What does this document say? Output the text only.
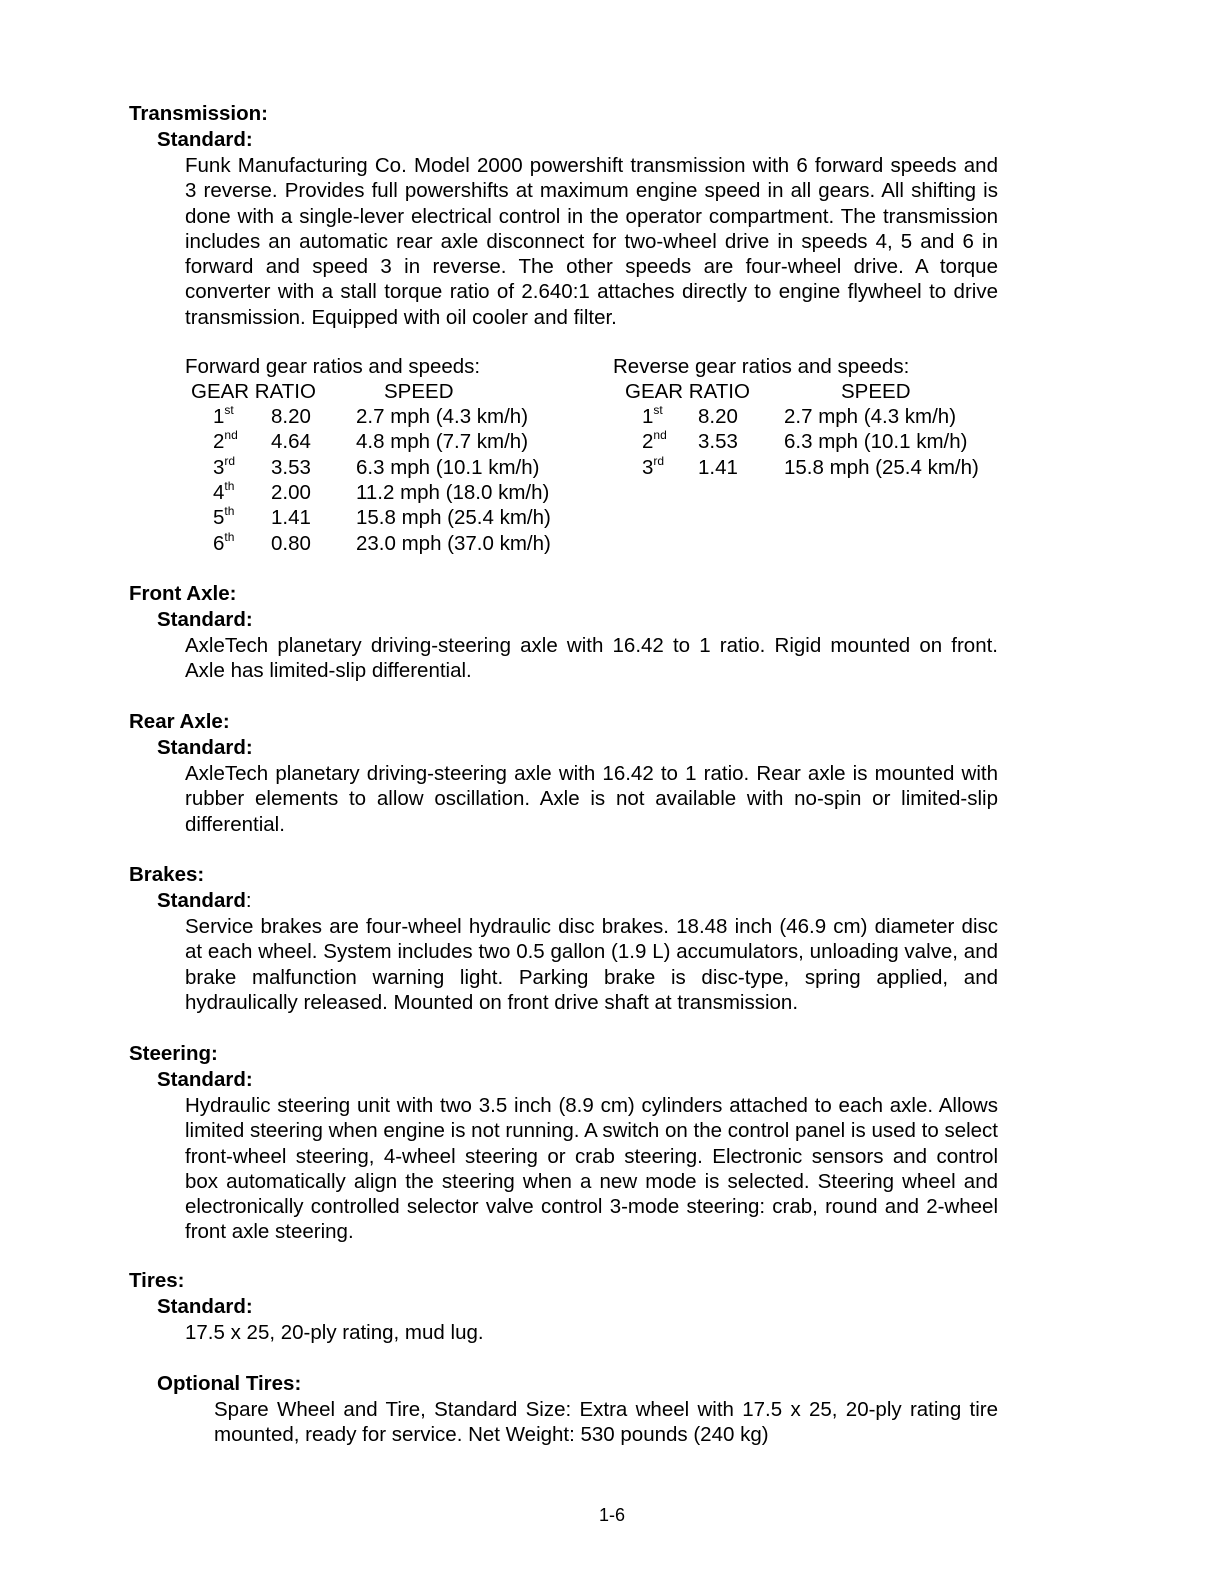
Transmission:
Standard:
Funk Manufacturing Co. Model 2000 powershift transmission with 6 forward speeds and 3 reverse. Provides full powershifts at maximum engine speed in all gears. All shifting is done with a single-lever electrical control in the operator compartment. The transmission includes an automatic rear axle disconnect for two-wheel drive in speeds 4, 5 and 6 in forward and speed 3 in reverse. The other speeds are four-wheel drive. A torque converter with a stall torque ratio of 2.640:1 attaches directly to engine flywheel to drive transmission. Equipped with oil cooler and filter.
Forward gear ratios and speeds:
GEAR RATIO	SPEED
1st 8.20 2.7 mph (4.3 km/h)
2nd 4.64 4.8 mph (7.7 km/h)
3rd 3.53 6.3 mph (10.1 km/h)
4th 2.00 11.2 mph (18.0 km/h)
5th 1.41 15.8 mph (25.4 km/h)
6th 0.80 23.0 mph (37.0 km/h)
Reverse gear ratios and speeds:
GEAR RATIO	SPEED
1st 8.20 2.7 mph (4.3 km/h)
2nd 3.53 6.3 mph (10.1 km/h)
3rd 1.41 15.8 mph (25.4 km/h)
Front Axle:
Standard:
AxleTech planetary driving-steering axle with 16.42 to 1 ratio. Rigid mounted on front. Axle has limited-slip differential.
Rear Axle:
Standard:
AxleTech planetary driving-steering axle with 16.42 to 1 ratio. Rear axle is mounted with rubber elements to allow oscillation. Axle is not available with no-spin or limited-slip differential.
Brakes:
Standard:
Service brakes are four-wheel hydraulic disc brakes. 18.48 inch (46.9 cm) diameter disc at each wheel. System includes two 0.5 gallon (1.9 L) accumulators, unloading valve, and brake malfunction warning light. Parking brake is disc-type, spring applied, and hydraulically released. Mounted on front drive shaft at transmission.
Steering:
Standard:
Hydraulic steering unit with two 3.5 inch (8.9 cm) cylinders attached to each axle. Allows limited steering when engine is not running. A switch on the control panel is used to select front-wheel steering, 4-wheel steering or crab steering. Electronic sensors and control box automatically align the steering when a new mode is selected. Steering wheel and electronically controlled selector valve control 3-mode steering: crab, round and 2-wheel front axle steering.
Tires:
Standard:
17.5 x 25, 20-ply rating, mud lug.
Optional Tires:
Spare Wheel and Tire, Standard Size: Extra wheel with 17.5 x 25, 20-ply rating tire mounted, ready for service. Net Weight: 530 pounds (240 kg)
1-6
